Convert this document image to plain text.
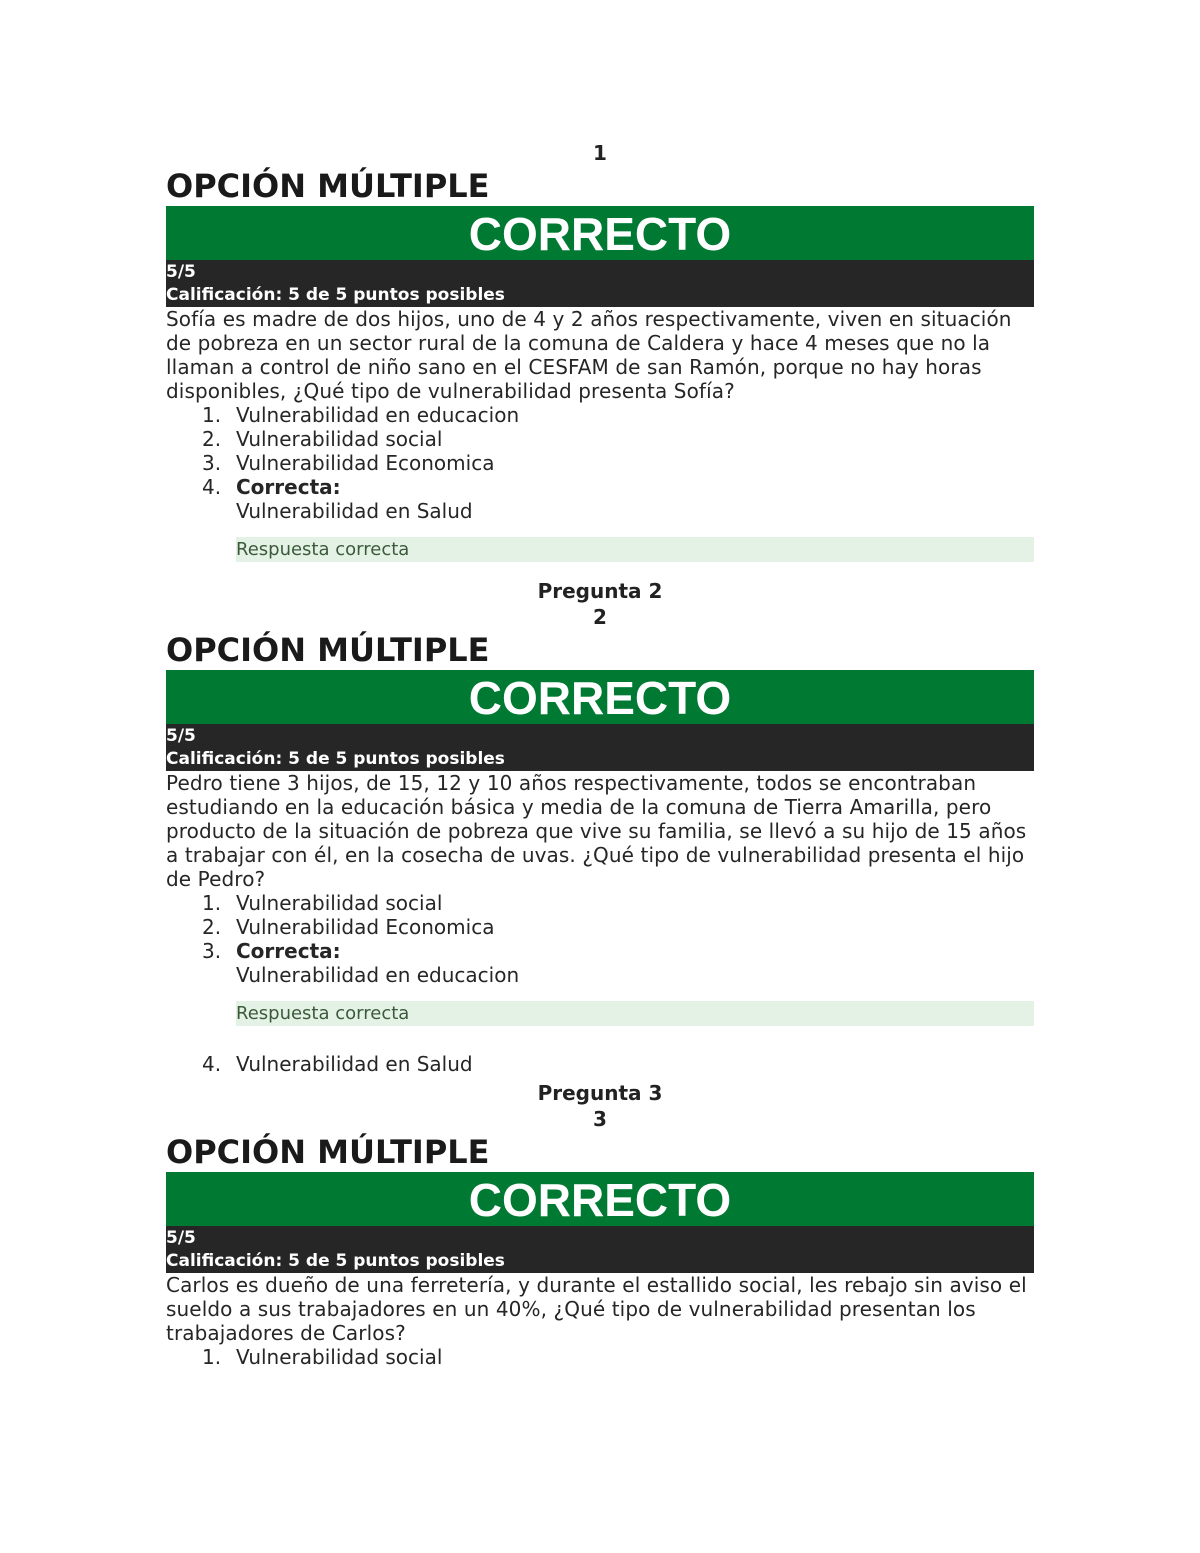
1
OPCIÓN MÚLTIPLE
CORRECTO
5/5
Calificación: 5 de 5 puntos posibles
Sofía es madre de dos hijos, uno de 4 y 2 años respectivamente, viven en situación de pobreza en un sector rural de la comuna de Caldera y hace 4 meses que no la llaman a control de niño sano en el CESFAM de san Ramón, porque no hay horas disponibles, ¿Qué tipo de vulnerabilidad presenta Sofía?
1. Vulnerabilidad en educacion
2. Vulnerabilidad social
3. Vulnerabilidad Economica
4. Correcta:
Vulnerabilidad en Salud
Respuesta correcta
Pregunta 2
2
OPCIÓN MÚLTIPLE
CORRECTO
5/5
Calificación: 5 de 5 puntos posibles
Pedro tiene 3 hijos, de 15, 12 y 10 años respectivamente, todos se encontraban estudiando en la educación básica y media de la comuna de Tierra Amarilla, pero producto de la situación de pobreza que vive su familia, se llevó a su hijo de 15 años a trabajar con él, en la cosecha de uvas. ¿Qué tipo de vulnerabilidad presenta el hijo de Pedro?
1. Vulnerabilidad social
2. Vulnerabilidad Economica
3. Correcta:
Vulnerabilidad en educacion
Respuesta correcta
4. Vulnerabilidad en Salud
Pregunta 3
3
OPCIÓN MÚLTIPLE
CORRECTO
5/5
Calificación: 5 de 5 puntos posibles
Carlos es dueño de una ferretería, y durante el estallido social, les rebajo sin aviso el sueldo a sus trabajadores en un 40%, ¿Qué tipo de vulnerabilidad presentan los trabajadores de Carlos?
1. Vulnerabilidad social
